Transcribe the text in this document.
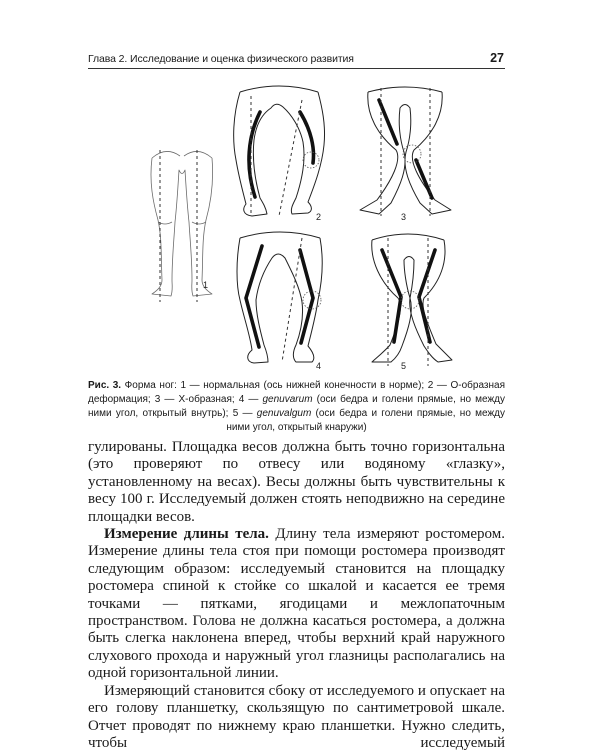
Глава 2. Исследование и оценка физического развития	27
1
2	3
4	5
Рис. 3. Форма ног: 1 — нормальная (ось нижней конечности в норме); 2 — О-образная деформация; 3 — Х-образная; 4 — genuvarum (оси бедра и голени прямые, но между ними угол, открытый внутрь); 5 — genuvalgum (оси бедра и голени прямые, но между ними угол, открытый кнаружи)

гулированы. Площадка весов должна быть точно горизонтальна (это проверяют по отвесу или водяному «глазку», установленному на весах). Весы должны быть чувствительны к весу 100 г. Исследуемый должен стоять неподвижно на середине площадки весов.

Измерение длины тела. Длину тела измеряют ростомером. Измерение длины тела стоя при помощи ростомера производят следующим образом: исследуемый становится на площадку ростомера спиной к стойке со шкалой и касается ее тремя точками — пятками, ягодицами и межлопаточным пространством. Голова не должна касаться ростомера, а должна быть слегка наклонена вперед, чтобы верхний край наружного слухового прохода и наружный угол глазницы располагались на одной горизонтальной линии.

Измеряющий становится сбоку от исследуемого и опускает на его голову планшетку, скользящую по сантиметровой шкале. Отчет проводят по нижнему краю планшетки. Нужно следить, чтобы исследуемый
